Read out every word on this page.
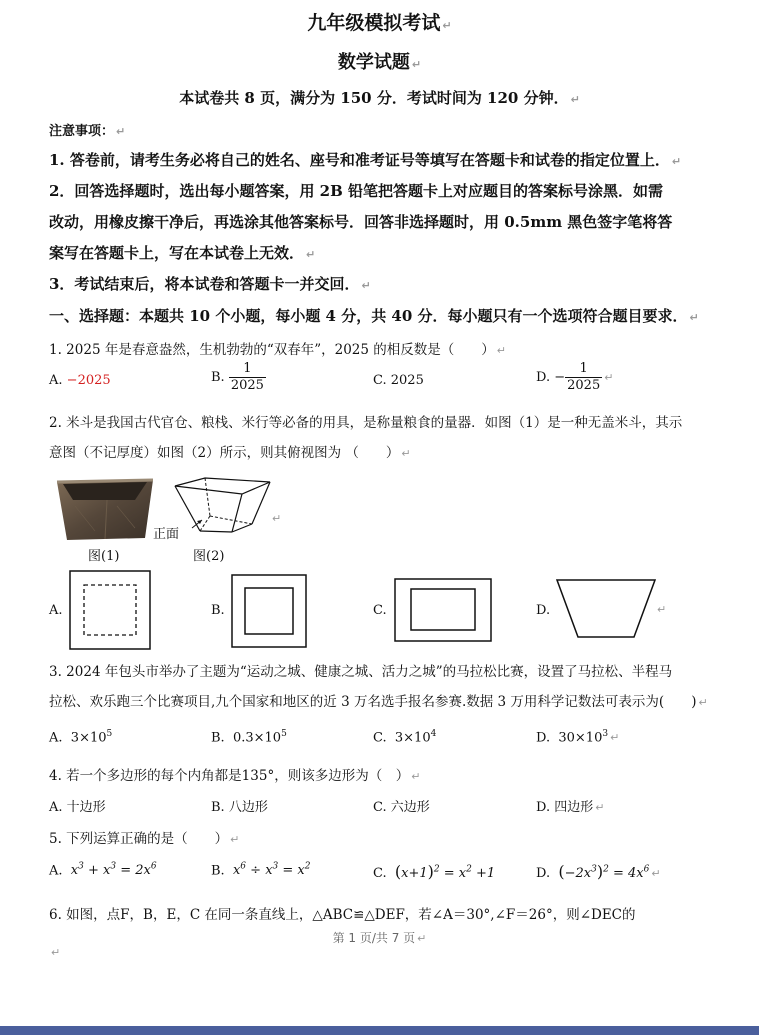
九年级模拟考试 ↵
数学试题 ↵
本试卷共 8 页，满分为 150 分．考试时间为 120 分钟． ↵
注意事项： ↵
1. 答卷前，请考生务必将自己的姓名、座号和准考证号等填写在答题卡和试卷的指定位置上． ↵
2．回答选择题时，选出每小题答案，用 2B 铅笔把答题卡上对应题目的答案标号涂黑．如需
改动，用橡皮擦干净后，再选涂其他答案标号．回答非选择题时，用 0.5mm 黑色签字笔将答
案写在答题卡上，写在本试卷上无效． ↵
3．考试结束后，将本试卷和答题卡一并交回． ↵
一、选择题：本题共 10 个小题，每小题 4 分，共 40 分．每小题只有一个选项符合题目要求． ↵
1. 2025 年是春意盎然，生机勃勃的“双春年”，2025 的相反数是（　　） ↵
A. −2025	B. $\frac{1}{2025}$	C. 2025	D. − $\frac{1}{2025}$ ↵
2. 米斗是我国古代官仓、粮栈、米行等必备的用具，是称量粮食的量器．如图（1）是一种无盖米斗，其示
意图（不记厚度）如图（2）所示，则其俯视图为 （　　） ↵
图(1)
正面
图(2)
↵
A.	B.	C.	D.	↵
3. 2024 年包头市举办了主题为“运动之城、健康之城、活力之城”的马拉松比赛，设置了马拉松、半程马
拉松、欢乐跑三个比赛项目,九个国家和地区的近 3 万名选手报名参赛.数据 3 万用科学记数法可表示为(　　) ↵
A. $3\times 10^5$	B. $0.3\times 10^5$	C. $3\times 10^4$	D. $30\times 10^3$ ↵
4. 若一个多边形的每个内角都是135°，则该多边形为（　） ↵
A. 十边形	B. 八边形	C. 六边形	D. 四边形 ↵
5. 下列运算正确的是（　　） ↵
A. $x^3 + x^3 = 2x^6$	B. $x^6 \div x^3 = x^2$	C. $(x+1)^2 = x^2 +1$	D. $(-2x^3)^2 = 4x^6$ ↵
6. 如图，点F，B，E，C 在同一条直线上，△ABC≌△DEF，若∠A＝30°,∠F＝26°，则∠DEC的
第 1 页/共 7 页 ↵
↵
